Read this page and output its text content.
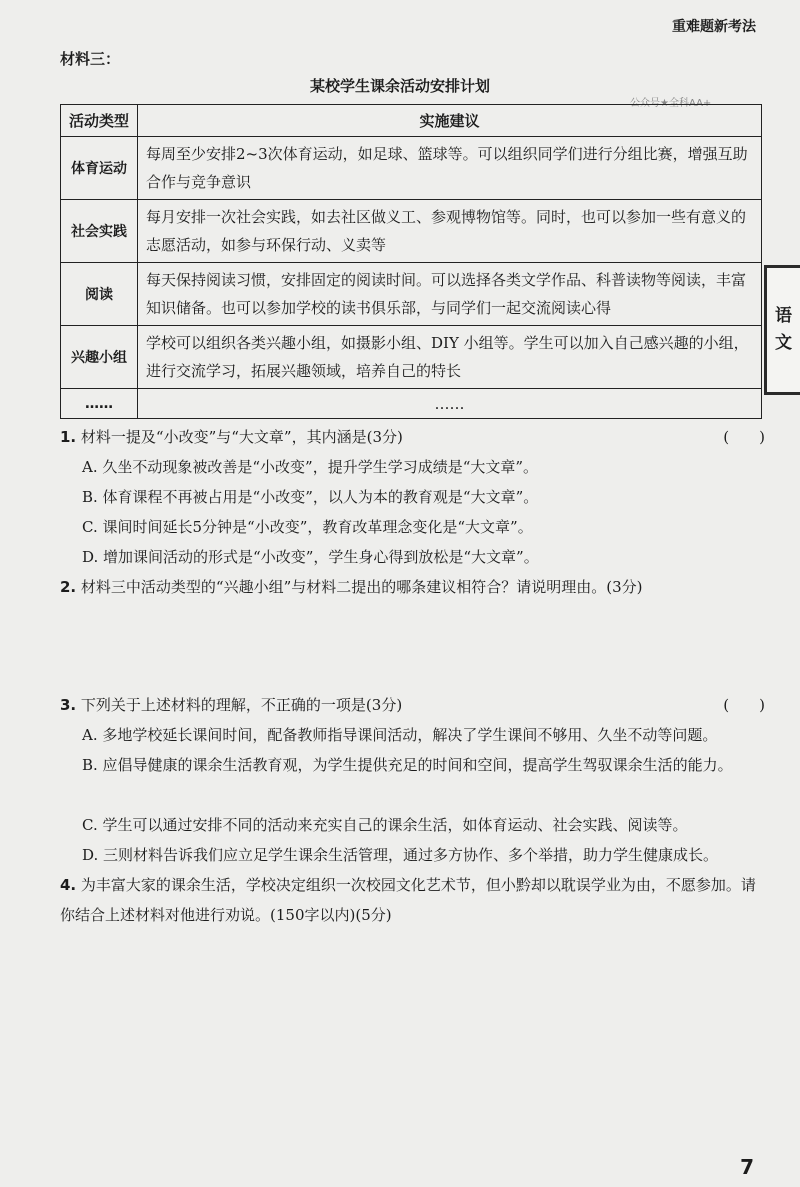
重难题新考法
语
文
材料三：
某校学生课余活动安排计划
公众号★全科AA+
活动类型	实施建议
体育运动	每周至少安排2~3次体育运动，如足球、篮球等。可以组织同学们进行分组比赛，增强互助合作与竞争意识
社会实践	每月安排一次社会实践，如去社区做义工、参观博物馆等。同时，也可以参加一些有意义的志愿活动，如参与环保行动、义卖等
阅读	每天保持阅读习惯，安排固定的阅读时间。可以选择各类文学作品、科普读物等阅读，丰富知识储备。也可以参加学校的读书俱乐部，与同学们一起交流阅读心得
兴趣小组	学校可以组织各类兴趣小组，如摄影小组、DIY 小组等。学生可以加入自己感兴趣的小组，进行交流学习，拓展兴趣领域，培养自己的特长
……	……
1. 材料一提及“小改变”与“大文章”，其内涵是(3分)	(　　)
A. 久坐不动现象被改善是“小改变”，提升学生学习成绩是“大文章”。
B. 体育课程不再被占用是“小改变”，以人为本的教育观是“大文章”。
C. 课间时间延长5分钟是“小改变”，教育改革理念变化是“大文章”。
D. 增加课间活动的形式是“小改变”，学生身心得到放松是“大文章”。
2. 材料三中活动类型的“兴趣小组”与材料二提出的哪条建议相符合？请说明理由。(3分)
3. 下列关于上述材料的理解，不正确的一项是(3分)	(　　)
A. 多地学校延长课间时间，配备教师指导课间活动，解决了学生课间不够用、久坐不动等问题。
B. 应倡导健康的课余生活教育观，为学生提供充足的时间和空间，提高学生驾驭课余生活的能力。
C. 学生可以通过安排不同的活动来充实自己的课余生活，如体育运动、社会实践、阅读等。
D. 三则材料告诉我们应立足学生课余生活管理，通过多方协作、多个举措，助力学生健康成长。
4. 为丰富大家的课余生活，学校决定组织一次校园文化艺术节，但小黔却以耽误学业为由，不愿参加。请你结合上述材料对他进行劝说。(150字以内)(5分)
7
